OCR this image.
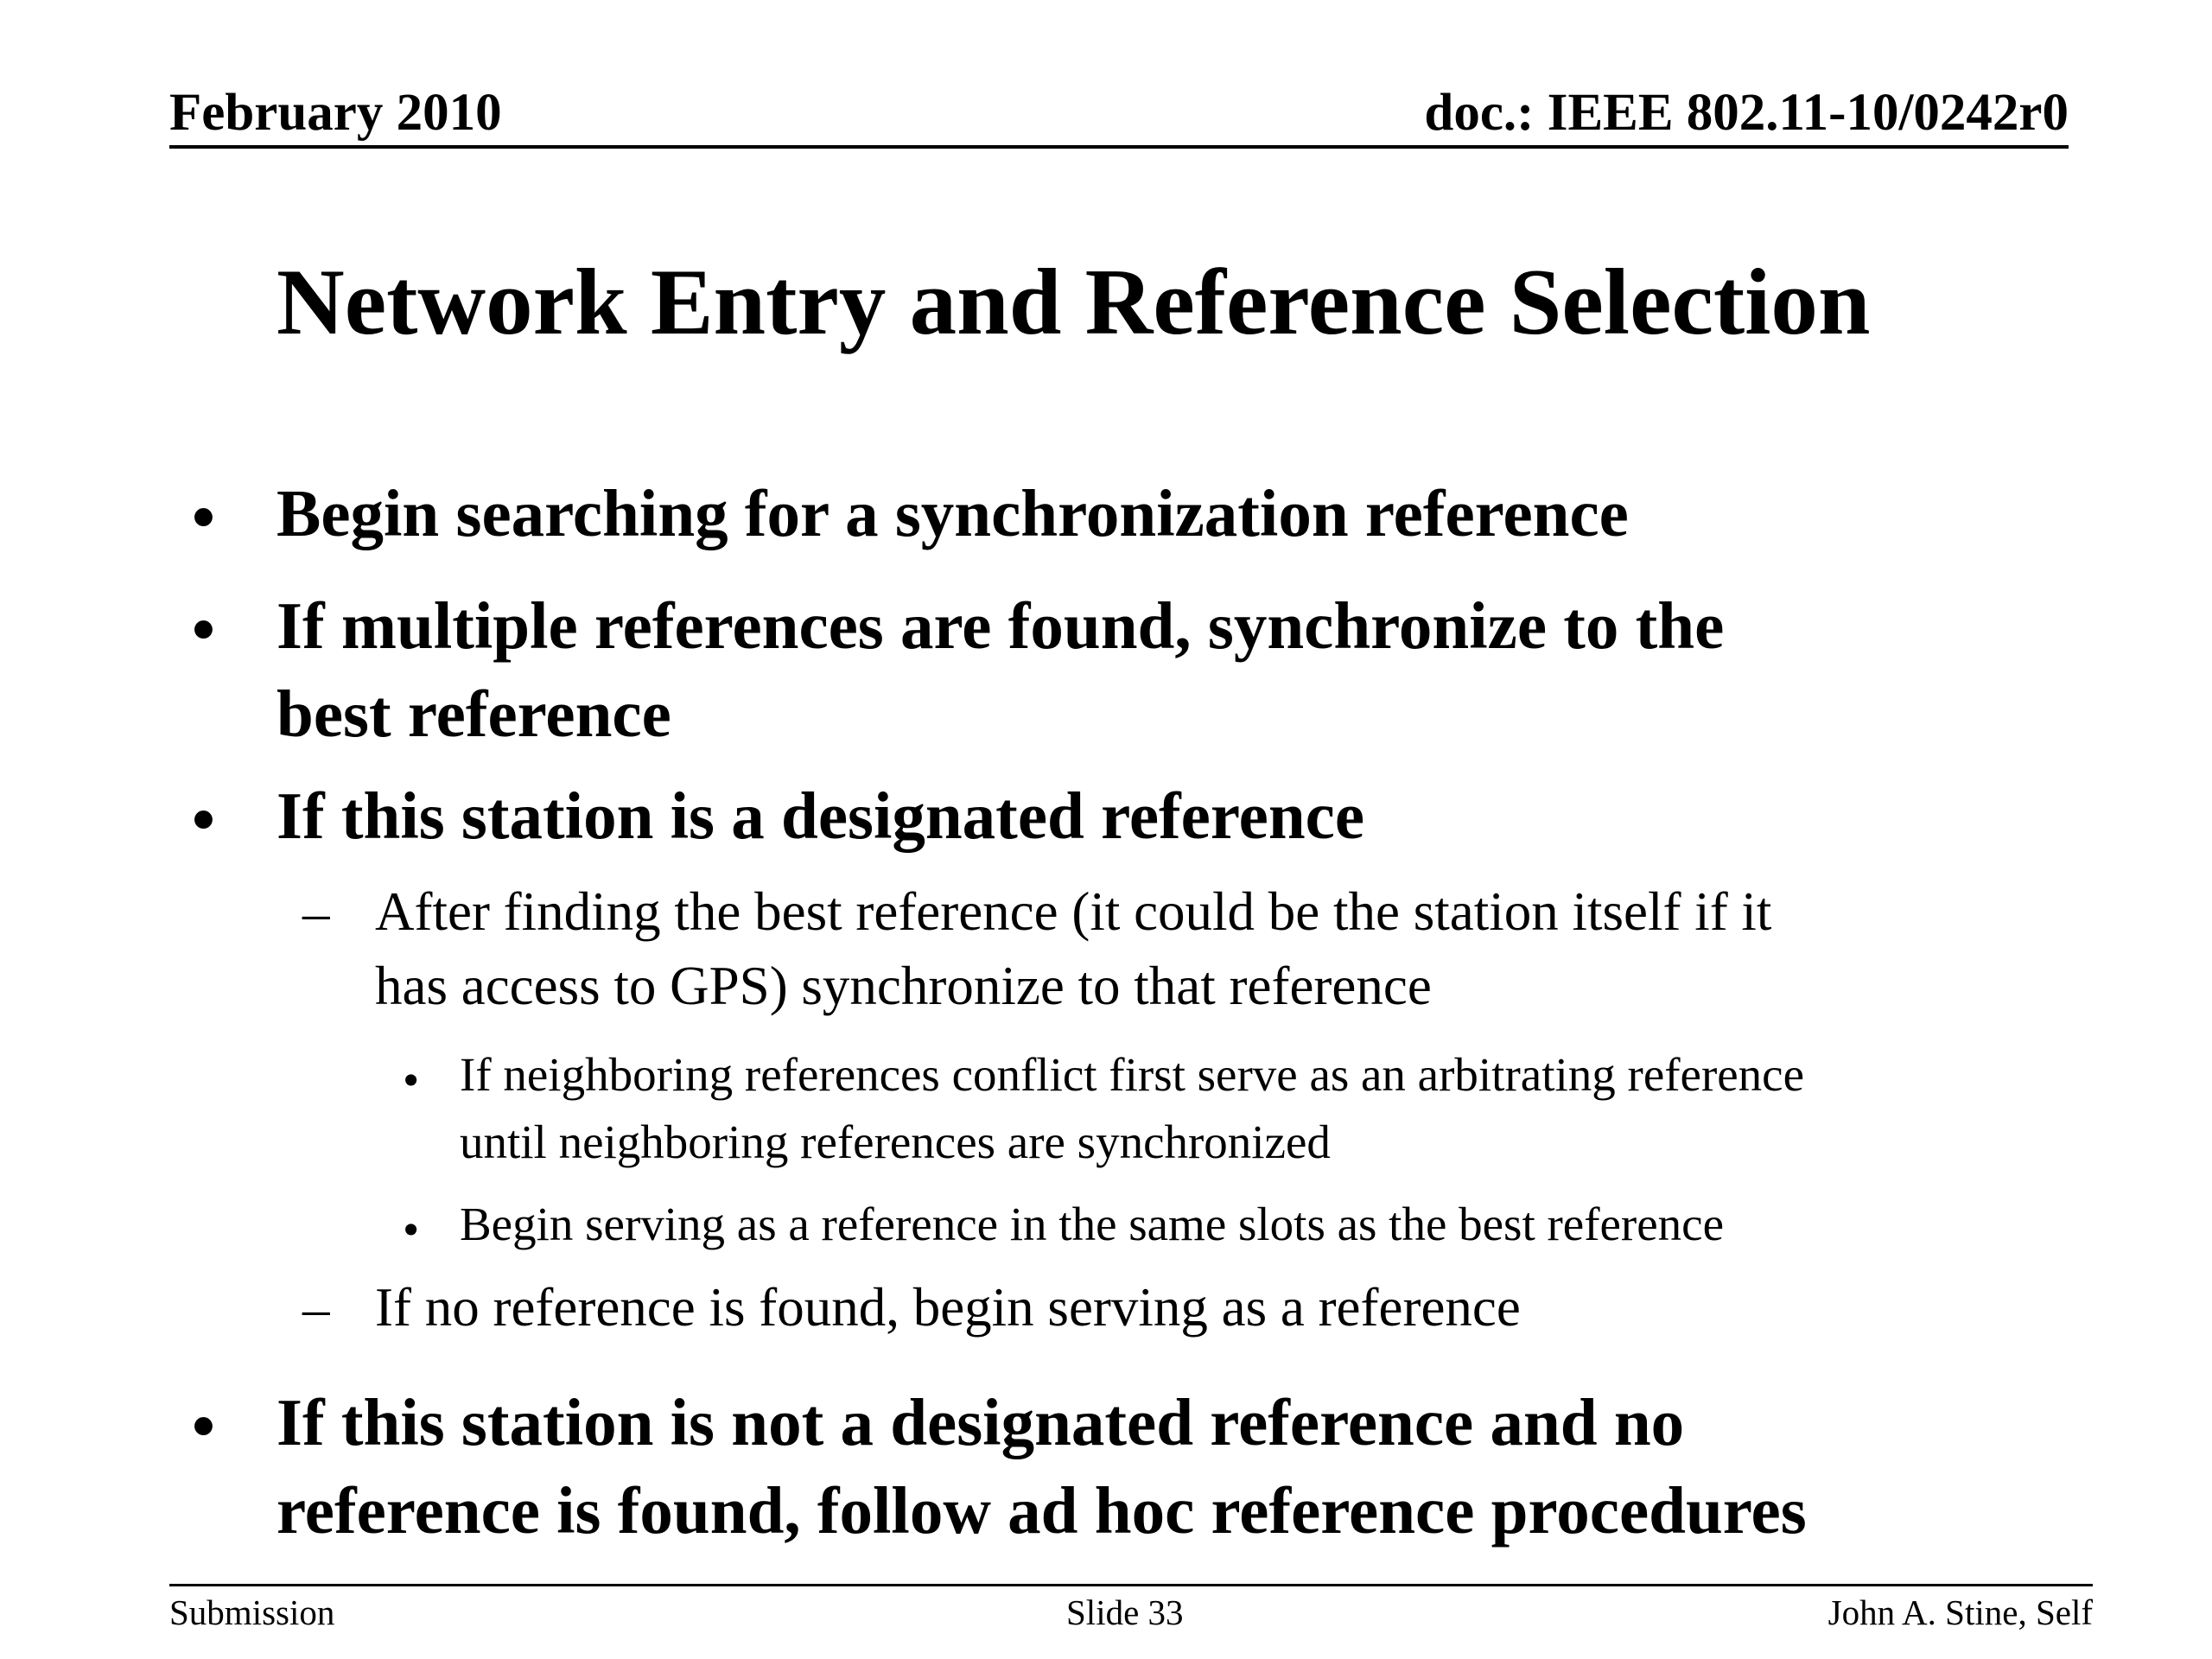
February 2010	doc.: IEEE 802.11-10/0242r0
Network Entry and Reference Selection
• Begin searching for a synchronization reference
• If multiple references are found, synchronize to the
best reference
• If this station is a designated reference
– After finding the best reference (it could be the station itself if it
has access to GPS) synchronize to that reference
• If neighboring references conflict first serve as an arbitrating reference
until neighboring references are synchronized
• Begin serving as a reference in the same slots as the best reference
– If no reference is found, begin serving as a reference
• If this station is not a designated reference and no
reference is found, follow ad hoc reference procedures
Submission	Slide 33	John A. Stine, Self
